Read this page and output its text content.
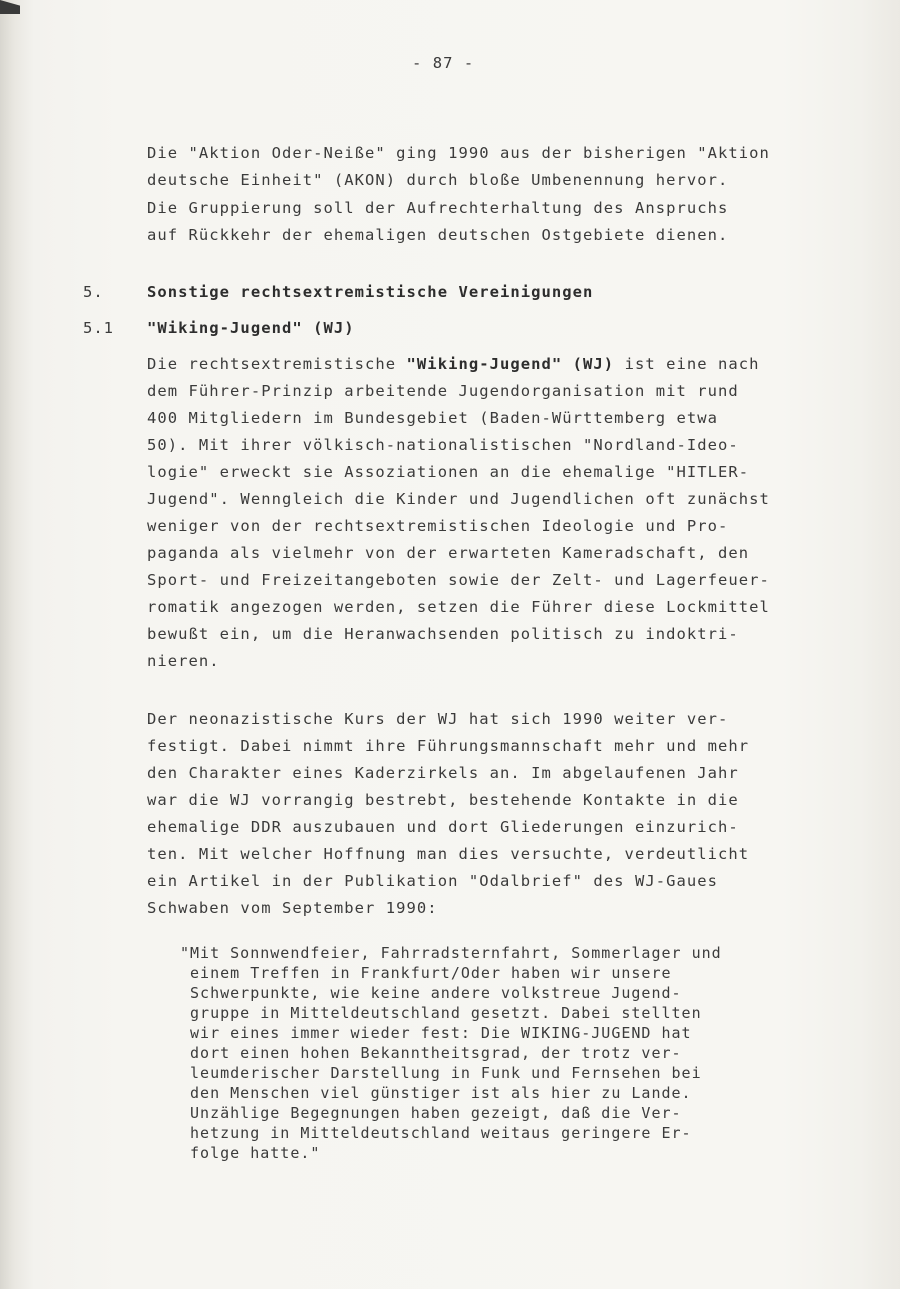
- 87 -
Die "Aktion Oder-Neiße" ging 1990 aus der bisherigen "Aktion
deutsche Einheit" (AKON) durch bloße Umbenennung hervor.
Die Gruppierung soll der Aufrechterhaltung des Anspruchs
auf Rückkehr der ehemaligen deutschen Ostgebiete dienen.
5.	Sonstige rechtsextremistische Vereinigungen
5.1 "Wiking-Jugend" (WJ)
Die rechtsextremistische "Wiking-Jugend" (WJ) ist eine nach
dem Führer-Prinzip arbeitende Jugendorganisation mit rund
400 Mitgliedern im Bundesgebiet (Baden-Württemberg etwa
50). Mit ihrer völkisch-nationalistischen "Nordland-Ideo-
logie" erweckt sie Assoziationen an die ehemalige "HITLER-
Jugend". Wenngleich die Kinder und Jugendlichen oft zunächst
weniger von der rechtsextremistischen Ideologie und Pro-
paganda als vielmehr von der erwarteten Kameradschaft, den
Sport- und Freizeitangeboten sowie der Zelt- und Lagerfeuer-
romatik angezogen werden, setzen die Führer diese Lockmittel
bewußt ein, um die Heranwachsenden politisch zu indoktri-
nieren.
Der neonazistische Kurs der WJ hat sich 1990 weiter ver-
festigt. Dabei nimmt ihre Führungsmannschaft mehr und mehr
den Charakter eines Kaderzirkels an. Im abgelaufenen Jahr
war die WJ vorrangig bestrebt, bestehende Kontakte in die
ehemalige DDR auszubauen und dort Gliederungen einzurich-
ten. Mit welcher Hoffnung man dies versuchte, verdeutlicht
ein Artikel in der Publikation "Odalbrief" des WJ-Gaues
Schwaben vom September 1990:
"Mit Sonnwendfeier, Fahrradsternfahrt, Sommerlager und
einem Treffen in Frankfurt/Oder haben wir unsere
Schwerpunkte, wie keine andere volkstreue Jugend-
gruppe in Mitteldeutschland gesetzt. Dabei stellten
wir eines immer wieder fest: Die WIKING-JUGEND hat
dort einen hohen Bekanntheitsgrad, der trotz ver-
leumderischer Darstellung in Funk und Fernsehen bei
den Menschen viel günstiger ist als hier zu Lande.
Unzählige Begegnungen haben gezeigt, daß die Ver-
hetzung in Mitteldeutschland weitaus geringere Er-
folge hatte."
